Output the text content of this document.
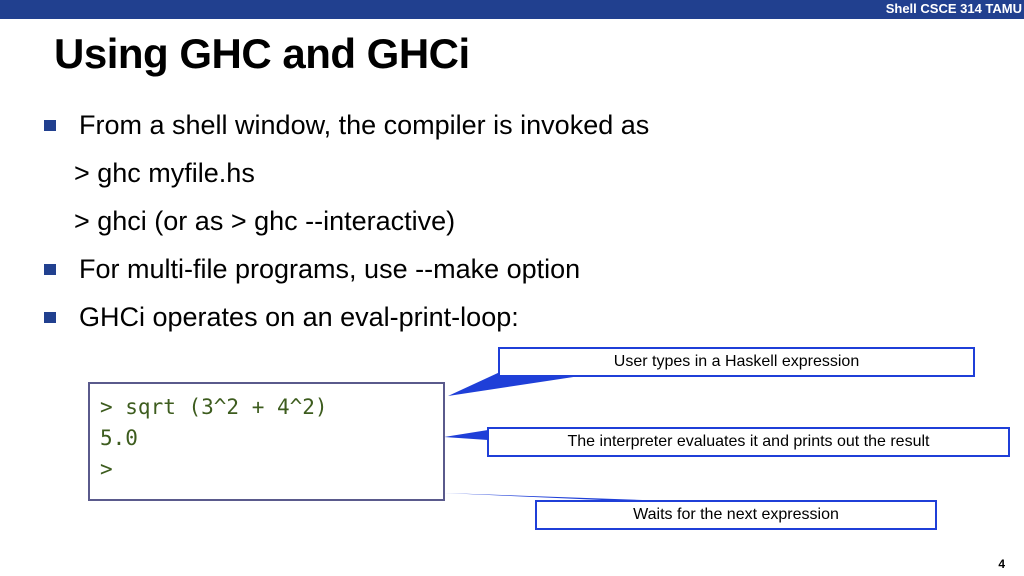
Shell CSCE 314 TAMU
Using GHC and GHCi
From a shell window, the compiler is invoked as
> ghc myfile.hs
> ghci (or as > ghc --interactive)
For multi-file programs, use --make option
GHCi operates on an eval-print-loop:
> sqrt (3^2 + 4^2)
5.0
>
User types in a Haskell expression
The interpreter evaluates it and prints out the result
Waits for the next expression
4
